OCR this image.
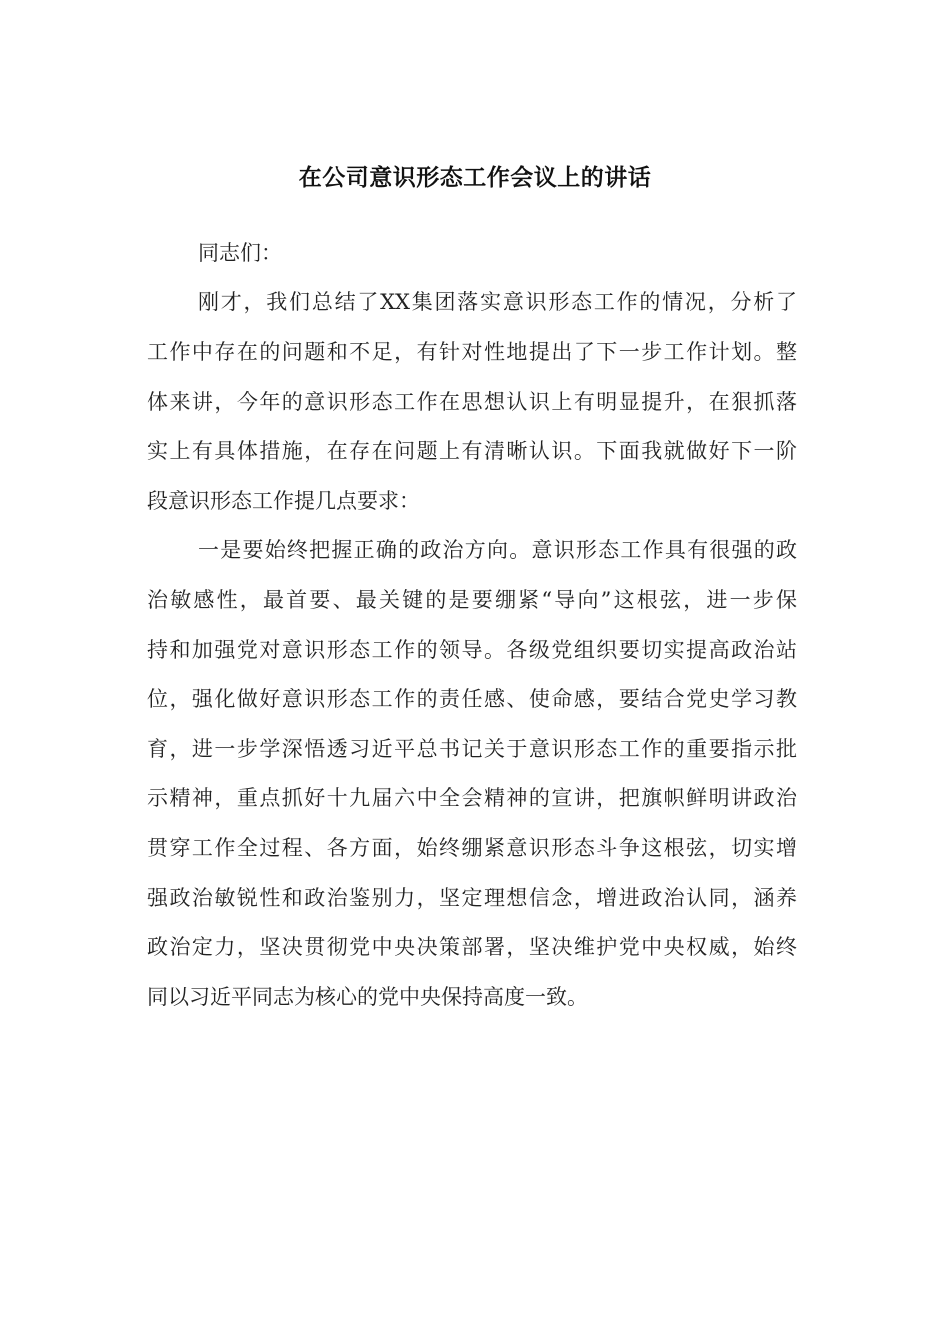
在公司意识形态工作会议上的讲话
同志们：
刚才，我们总结了XX集团落实意识形态工作的情况，分析了
工作中存在的问题和不足，有针对性地提出了下一步工作计划。整
体来讲，今年的意识形态工作在思想认识上有明显提升，在狠抓落
实上有具体措施，在存在问题上有清晰认识。下面我就做好下一阶
段意识形态工作提几点要求：
一是要始终把握正确的政治方向。意识形态工作具有很强的政
治敏感性，最首要、最关键的是要绷紧“导向”这根弦，进一步保
持和加强党对意识形态工作的领导。各级党组织要切实提高政治站
位，强化做好意识形态工作的责任感、使命感，要结合党史学习教
育，进一步学深悟透习近平总书记关于意识形态工作的重要指示批
示精神，重点抓好十九届六中全会精神的宣讲，把旗帜鲜明讲政治
贯穿工作全过程、各方面，始终绷紧意识形态斗争这根弦，切实增
强政治敏锐性和政治鉴别力，坚定理想信念，增进政治认同，涵养
政治定力，坚决贯彻党中央决策部署，坚决维护党中央权威，始终
同以习近平同志为核心的党中央保持高度一致。
